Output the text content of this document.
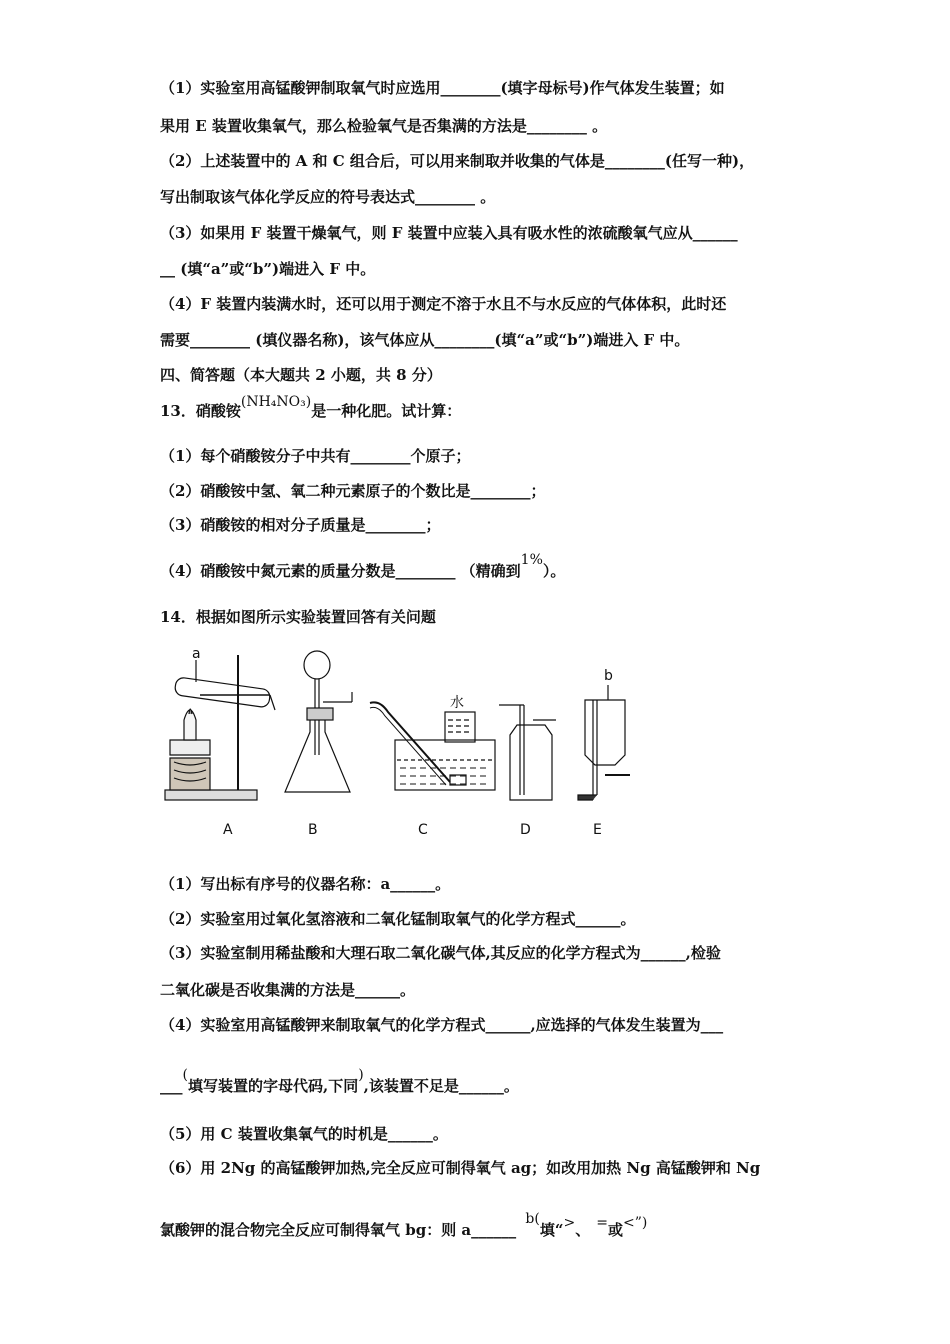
（1）实验室用高锰酸钾制取氧气时应选用________(填字母标号)作气体发生装置；如
果用 E 装置收集氧气，那么检验氧气是否集满的方法是________ 。
（2）上述装置中的 A 和 C 组合后，可以用来制取并收集的气体是________(任写一种)，
写出制取该气体化学反应的符号表达式________ 。
（3）如果用 F 装置干燥氧气，则 F 装置中应装入具有吸水性的浓硫酸氧气应从______
__ (填“a”或“b”)端进入 F 中。
（4）F 装置内装满水时，还可以用于测定不溶于水且不与水反应的气体体积，此时还
需要________ (填仪器名称)，该气体应从________(填“a”或“b”)端进入 F 中。
四、简答题（本大题共 2 小题，共 8 分）
13．硝酸铵(NH₄NO₃)是一种化肥。试计算：
（1）每个硝酸铵分子中共有________个原子；
（2）硝酸铵中氢、氧二种元素原子的个数比是________；
（3）硝酸铵的相对分子质量是________；
（4）硝酸铵中氮元素的质量分数是________ （精确到1%）。
14．根据如图所示实验装置回答有关问题
a
b
水
A	B	C	D	E
（1）写出标有序号的仪器名称：a______。
（2）实验室用过氧化氢溶液和二氧化锰制取氧气的化学方程式______。
（3）实验室制用稀盐酸和大理石取二氧化碳气体,其反应的化学方程式为______,检验
二氧化碳是否收集满的方法是______。
（4）实验室用高锰酸钾来制取氧气的化学方程式______,应选择的气体发生装置为___
___(填写装置的字母代码,下同),该装置不足是______。
（5）用 C 装置收集氧气的时机是______。
（6）用 2Ng 的高锰酸钾加热,完全反应可制得氧气 ag；如改用加热 Ng 高锰酸钾和 Ng
氯酸钾的混合物完全反应可制得氧气 bg：则 a______ b(填“>、 =或<”)
